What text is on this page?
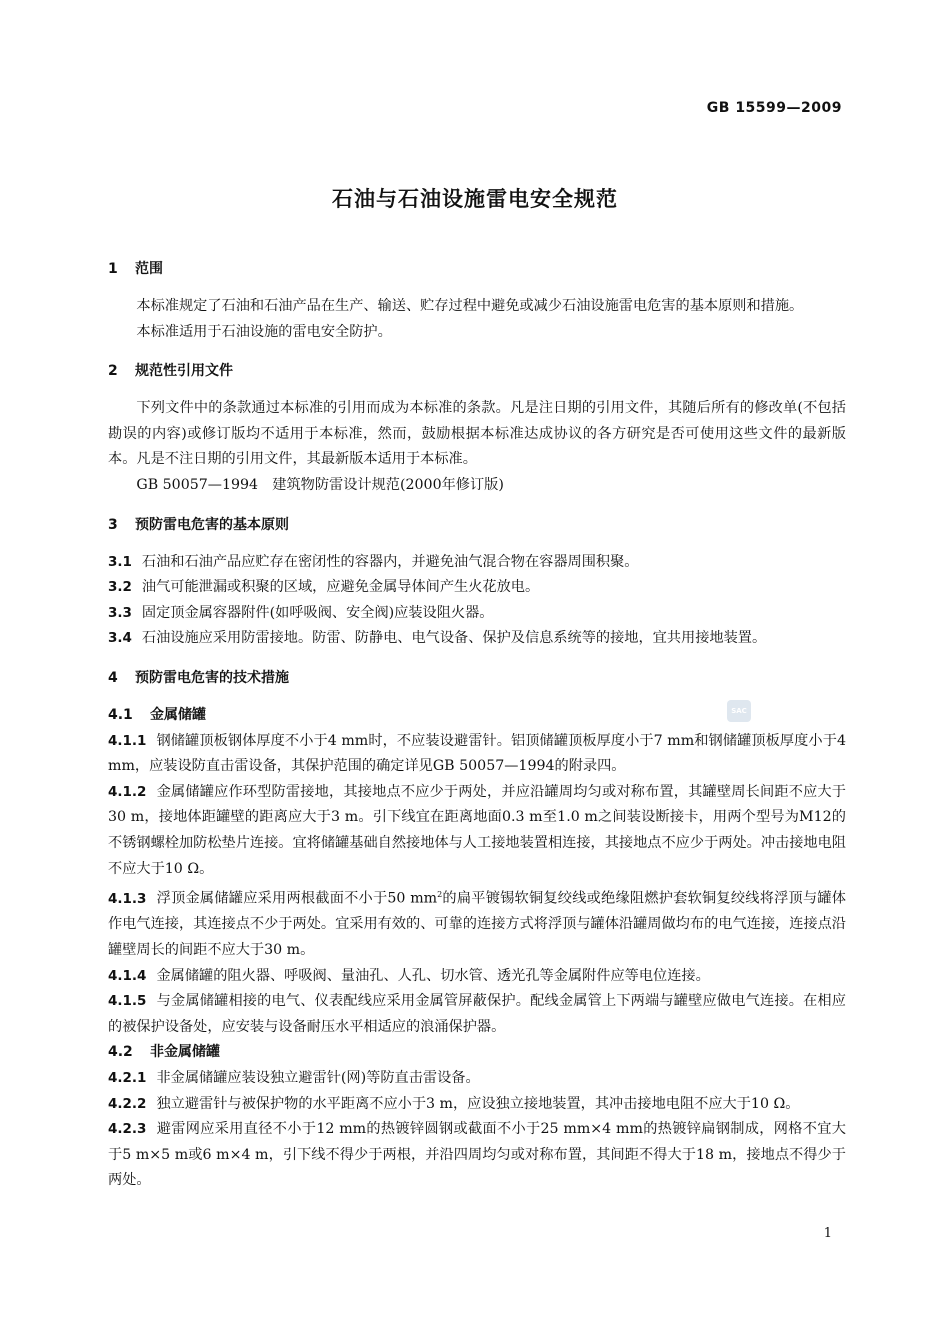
GB 15599—2009
石油与石油设施雷电安全规范
SAC
1 范围

本标准规定了石油和石油产品在生产、输送、贮存过程中避免或减少石油设施雷电危害的基本原则和措施。

本标准适用于石油设施的雷电安全防护。

2 规范性引用文件

下列文件中的条款通过本标准的引用而成为本标准的条款。凡是注日期的引用文件，其随后所有的修改单(不包括勘误的内容)或修订版均不适用于本标准，然而，鼓励根据本标准达成协议的各方研究是否可使用这些文件的最新版本。凡是不注日期的引用文件，其最新版本适用于本标准。

GB 50057—1994　建筑物防雷设计规范(2000年修订版)

3 预防雷电危害的基本原则

3.1 石油和石油产品应贮存在密闭性的容器内，并避免油气混合物在容器周围积聚。

3.2 油气可能泄漏或积聚的区域，应避免金属导体间产生火花放电。

3.3 固定顶金属容器附件(如呼吸阀、安全阀)应装设阻火器。

3.4 石油设施应采用防雷接地。防雷、防静电、电气设备、保护及信息系统等的接地，宜共用接地装置。

4 预防雷电危害的技术措施
4.1 金属储罐

4.1.1 钢储罐顶板钢体厚度不小于4 mm时，不应装设避雷针。铝顶储罐顶板厚度小于7 mm和钢储罐顶板厚度小于4 mm，应装设防直击雷设备，其保护范围的确定详见GB 50057—1994的附录四。

4.1.2 金属储罐应作环型防雷接地，其接地点不应少于两处，并应沿罐周均匀或对称布置，其罐壁周长间距不应大于30 m，接地体距罐壁的距离应大于3 m。引下线宜在距离地面0.3 m至1.0 m之间装设断接卡，用两个型号为M12的不锈钢螺栓加防松垫片连接。宜将储罐基础自然接地体与人工接地装置相连接，其接地点不应少于两处。冲击接地电阻不应大于10 Ω。

4.1.3 浮顶金属储罐应采用两根截面不小于50 $mm^2$的扁平镀锡软铜复绞线或绝缘阻燃护套软铜复绞线将浮顶与罐体作电气连接，其连接点不少于两处。宜采用有效的、可靠的连接方式将浮顶与罐体沿罐周做均布的电气连接，连接点沿罐壁周长的间距不应大于30 m。

4.1.4 金属储罐的阻火器、呼吸阀、量油孔、人孔、切水管、透光孔等金属附件应等电位连接。

4.1.5 与金属储罐相接的电气、仪表配线应采用金属管屏蔽保护。配线金属管上下两端与罐壁应做电气连接。在相应的被保护设备处，应安装与设备耐压水平相适应的浪涌保护器。

4.2 非金属储罐

4.2.1 非金属储罐应装设独立避雷针(网)等防直击雷设备。

4.2.2 独立避雷针与被保护物的水平距离不应小于3 m，应设独立接地装置，其冲击接地电阻不应大于10 Ω。

4.2.3 避雷网应采用直径不小于12 mm的热镀锌圆钢或截面不小于25 mm×4 mm的热镀锌扁钢制成，网格不宜大于5 m×5 m或6 m×4 m，引下线不得少于两根，并沿四周均匀或对称布置，其间距不得大于18 m，接地点不得少于两处。

1
